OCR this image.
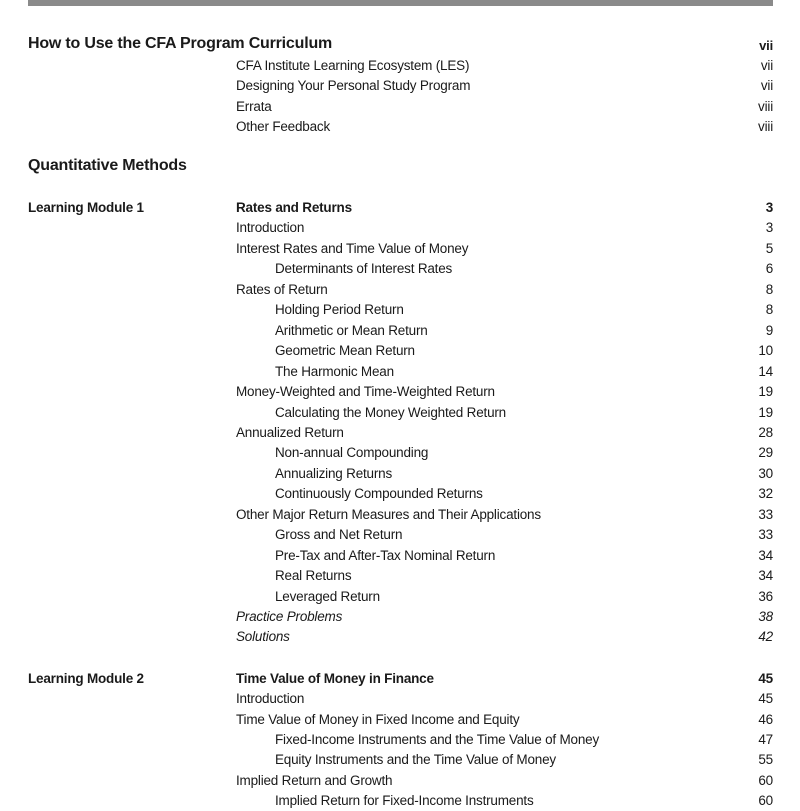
How to Use the CFA Program Curriculum	vii
CFA Institute Learning Ecosystem (LES)	vii
Designing Your Personal Study Program	vii
Errata	viii
Other Feedback	viii
Quantitative Methods
Learning Module 1	Rates and Returns	3
Introduction	3
Interest Rates and Time Value of Money	5
Determinants of Interest Rates	6
Rates of Return	8
Holding Period Return	8
Arithmetic or Mean Return	9
Geometric Mean Return	10
The Harmonic Mean	14
Money-Weighted and Time-Weighted Return	19
Calculating the Money Weighted Return	19
Annualized Return	28
Non-annual Compounding	29
Annualizing Returns	30
Continuously Compounded Returns	32
Other Major Return Measures and Their Applications	33
Gross and Net Return	33
Pre-Tax and After-Tax Nominal Return	34
Real Returns	34
Leveraged Return	36
Practice Problems	38
Solutions	42
Learning Module 2	Time Value of Money in Finance	45
Introduction	45
Time Value of Money in Fixed Income and Equity	46
Fixed-Income Instruments and the Time Value of Money	47
Equity Instruments and the Time Value of Money	55
Implied Return and Growth	60
Implied Return for Fixed-Income Instruments	60
